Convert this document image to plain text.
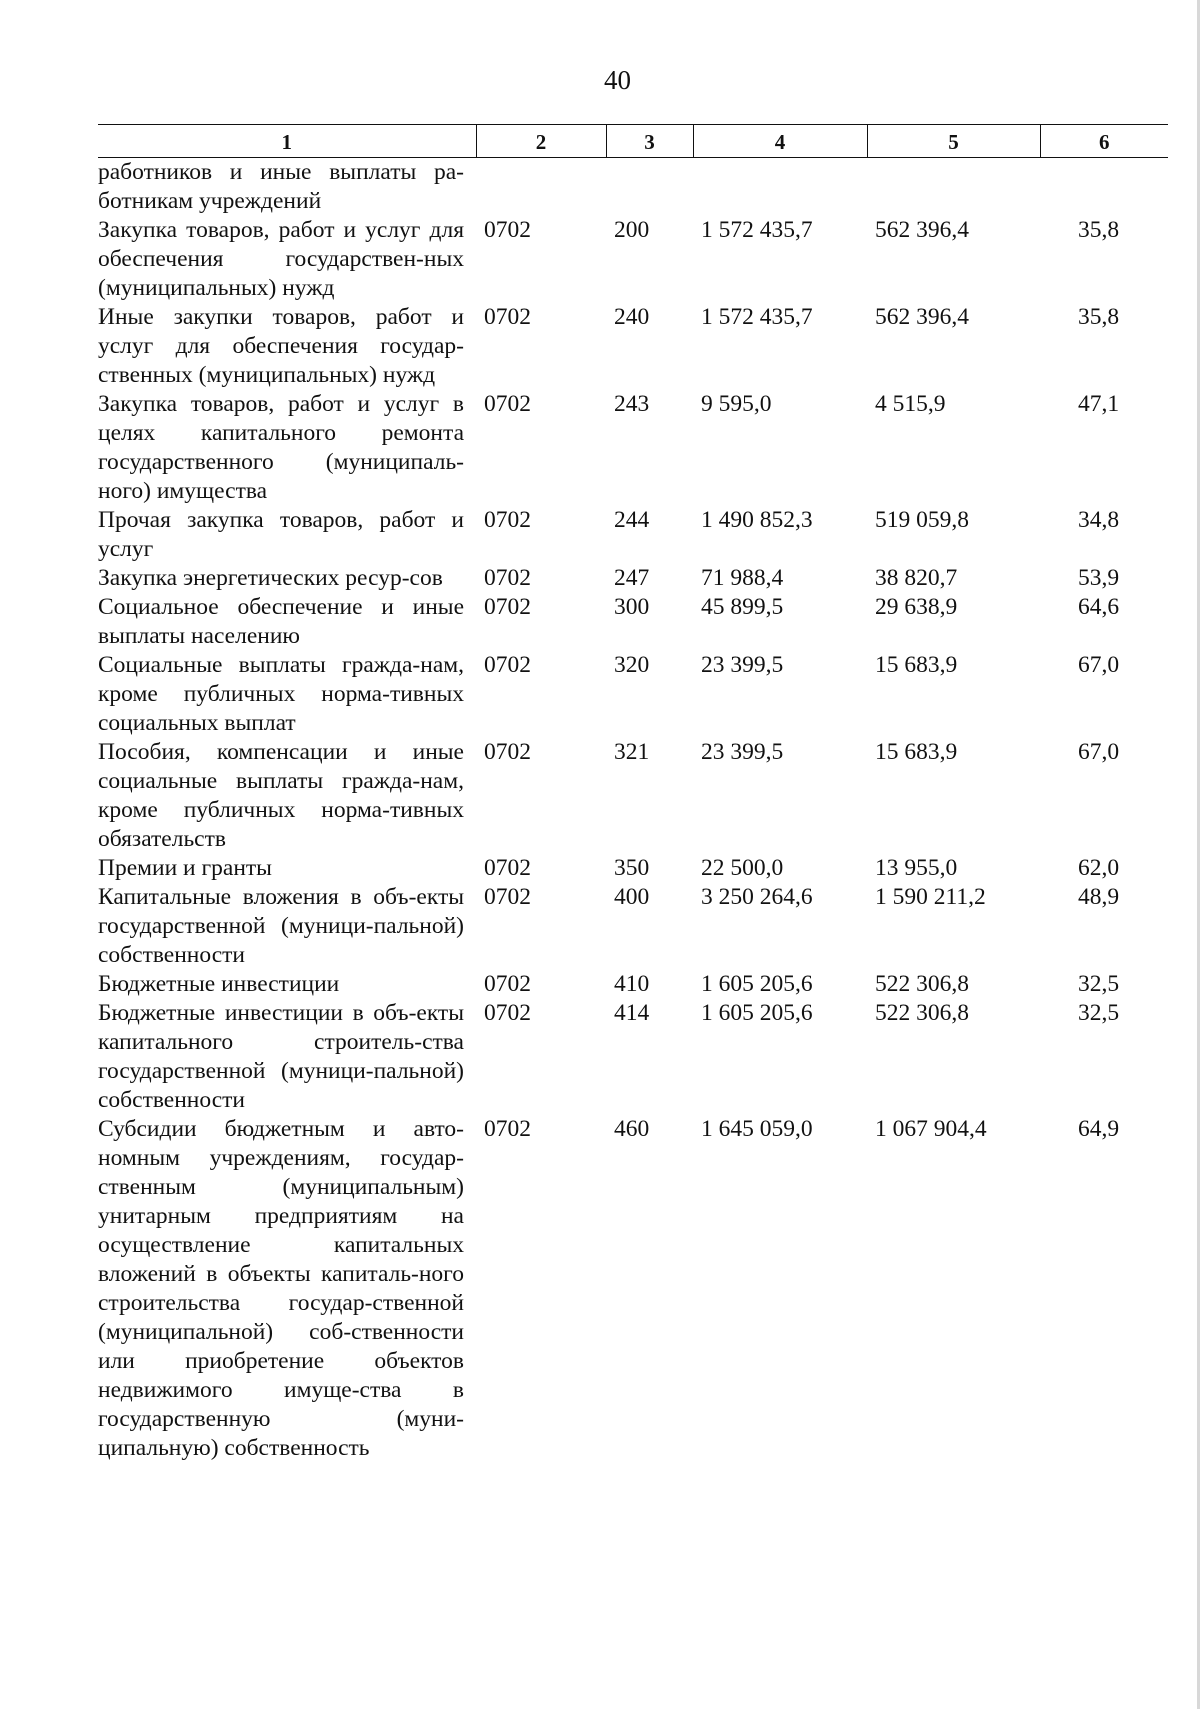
40
1	2	3	4	5	6
работников и иные выплаты ра-ботникам учреждений					
Закупка товаров, работ и услуг для обеспечения государствен-ных (муниципальных) нужд	0702	200	1 572 435,7	562 396,4	35,8
Иные закупки товаров, работ и услуг для обеспечения государ-ственных (муниципальных) нужд	0702	240	1 572 435,7	562 396,4	35,8
Закупка товаров, работ и услуг в целях капитального ремонта государственного (муниципаль-ного) имущества	0702	243	9 595,0	4 515,9	47,1
Прочая закупка товаров, работ и услуг	0702	244	1 490 852,3	519 059,8	34,8
Закупка энергетических ресур-сов	0702	247	71 988,4	38 820,7	53,9
Социальное обеспечение и иные выплаты населению	0702	300	45 899,5	29 638,9	64,6
Социальные выплаты гражда-нам, кроме публичных норма-тивных социальных выплат	0702	320	23 399,5	15 683,9	67,0
Пособия, компенсации и иные социальные выплаты гражда-нам, кроме публичных норма-тивных обязательств	0702	321	23 399,5	15 683,9	67,0
Премии и гранты	0702	350	22 500,0	13 955,0	62,0
Капитальные вложения в объ-екты государственной (муници-пальной) собственности	0702	400	3 250 264,6	1 590 211,2	48,9
Бюджетные инвестиции	0702	410	1 605 205,6	522 306,8	32,5
Бюджетные инвестиции в объ-екты капитального строитель-ства государственной (муници-пальной) собственности	0702	414	1 605 205,6	522 306,8	32,5
Субсидии бюджетным и авто-номным учреждениям, государ-ственным (муниципальным) унитарным предприятиям на осуществление капитальных вложений в объекты капиталь-ного строительства государ-ственной (муниципальной) соб-ственности или приобретение объектов недвижимого имуще-ства в государственную (муни-ципальную) собственность	0702	460	1 645 059,0	1 067 904,4	64,9
